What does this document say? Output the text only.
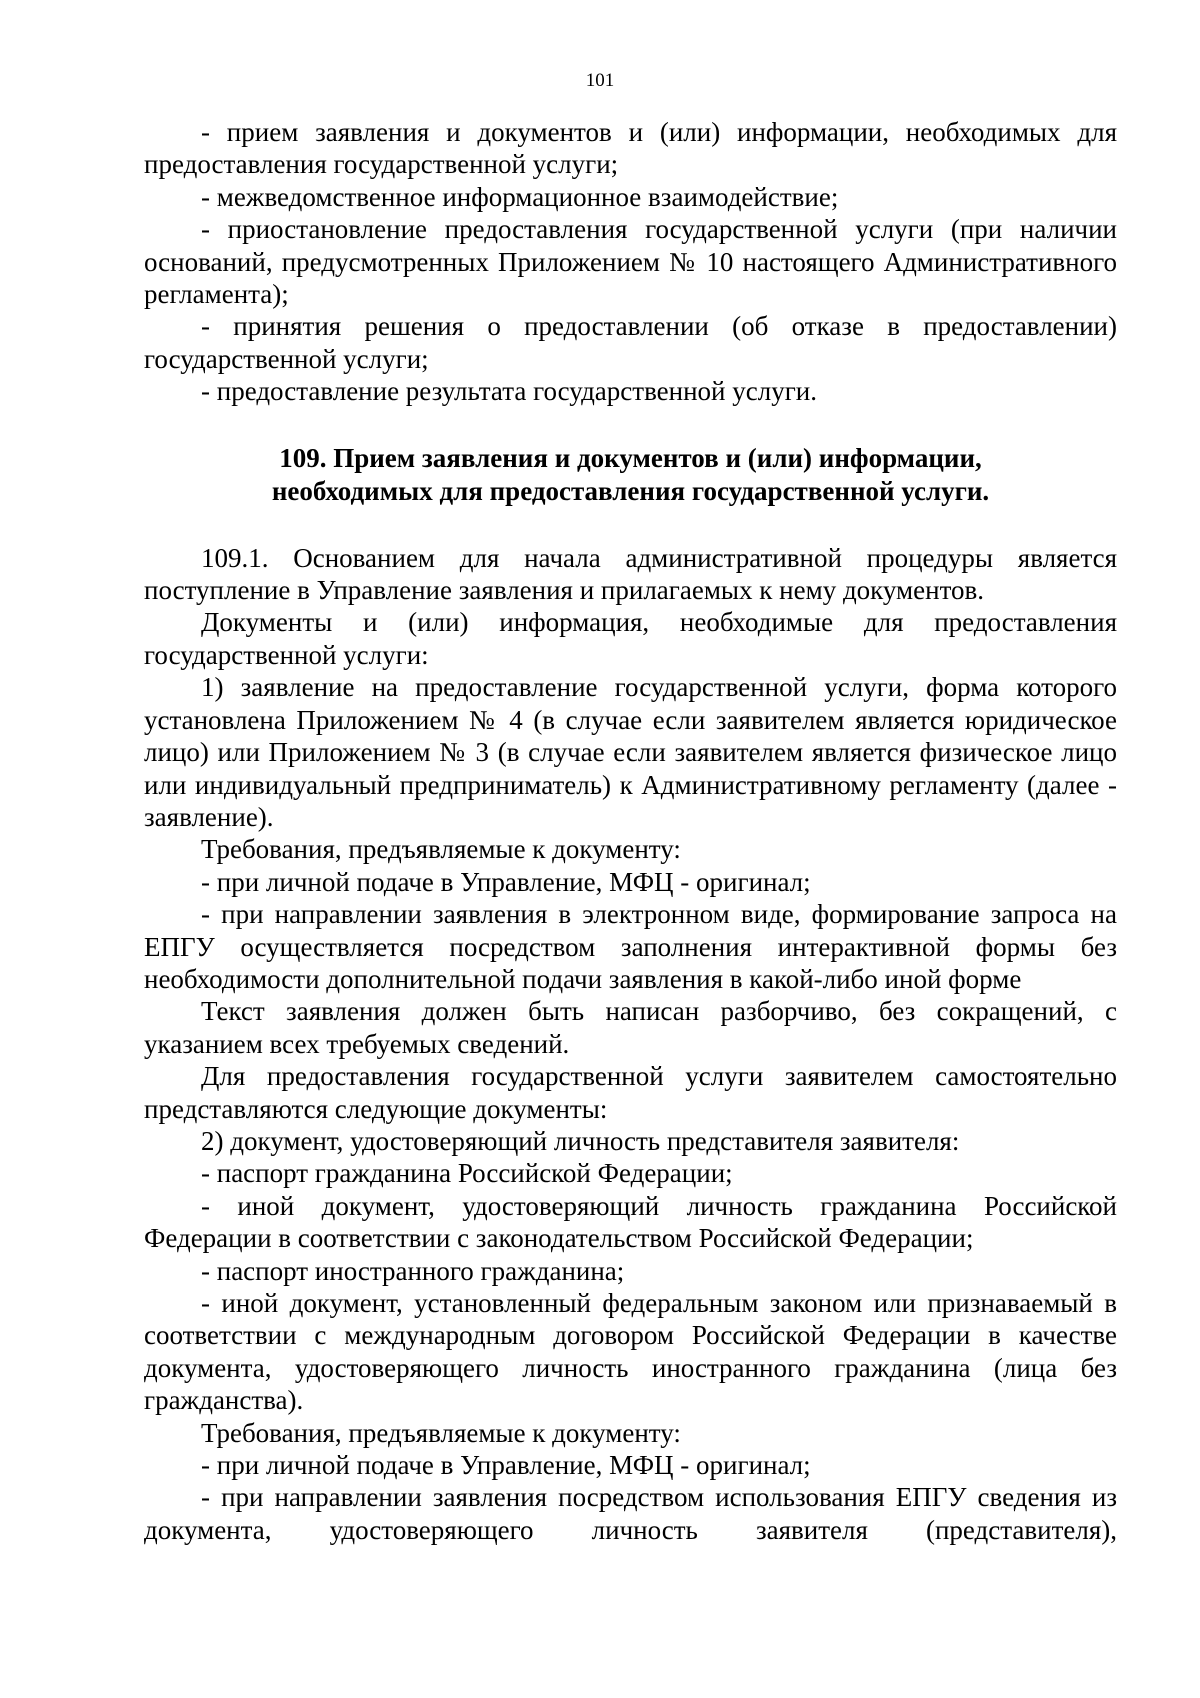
101

- прием заявления и документов и (или) информации, необходимых для предоставления государственной услуги;

- межведомственное информационное взаимодействие;

- приостановление предоставления государственной услуги (при наличии оснований, предусмотренных Приложением № 10 настоящего Административного регламента);

- принятия решения о предоставлении (об отказе в предоставлении) государственной услуги;

- предоставление результата государственной услуги.

109. Прием заявления и документов и (или) информации,
необходимых для предоставления государственной услуги.

109.1. Основанием для начала административной процедуры является поступление в Управление заявления и прилагаемых к нему документов.

Документы и (или) информация, необходимые для предоставления государственной услуги:

1) заявление на предоставление государственной услуги, форма которого установлена Приложением № 4 (в случае если заявителем является юридическое лицо) или Приложением № 3 (в случае если заявителем является физическое лицо или индивидуальный предприниматель) к Административному регламенту (далее - заявление).

Требования, предъявляемые к документу:

- при личной подаче в Управление, МФЦ - оригинал;

- при направлении заявления в электронном виде, формирование запроса на ЕПГУ осуществляется посредством заполнения интерактивной формы без необходимости дополнительной подачи заявления в какой-либо иной форме

Текст заявления должен быть написан разборчиво, без сокращений, с указанием всех требуемых сведений.

Для предоставления государственной услуги заявителем самостоятельно представляются следующие документы:

2) документ, удостоверяющий личность представителя заявителя:

- паспорт гражданина Российской Федерации;

- иной документ, удостоверяющий личность гражданина Российской Федерации в соответствии с законодательством Российской Федерации;

- паспорт иностранного гражданина;

- иной документ, установленный федеральным законом или признаваемый в соответствии с международным договором Российской Федерации в качестве документа, удостоверяющего личность иностранного гражданина (лица без гражданства).

Требования, предъявляемые к документу:

- при личной подаче в Управление, МФЦ - оригинал;

- при направлении заявления посредством использования ЕПГУ сведения из документа, удостоверяющего личность заявителя (представителя),
